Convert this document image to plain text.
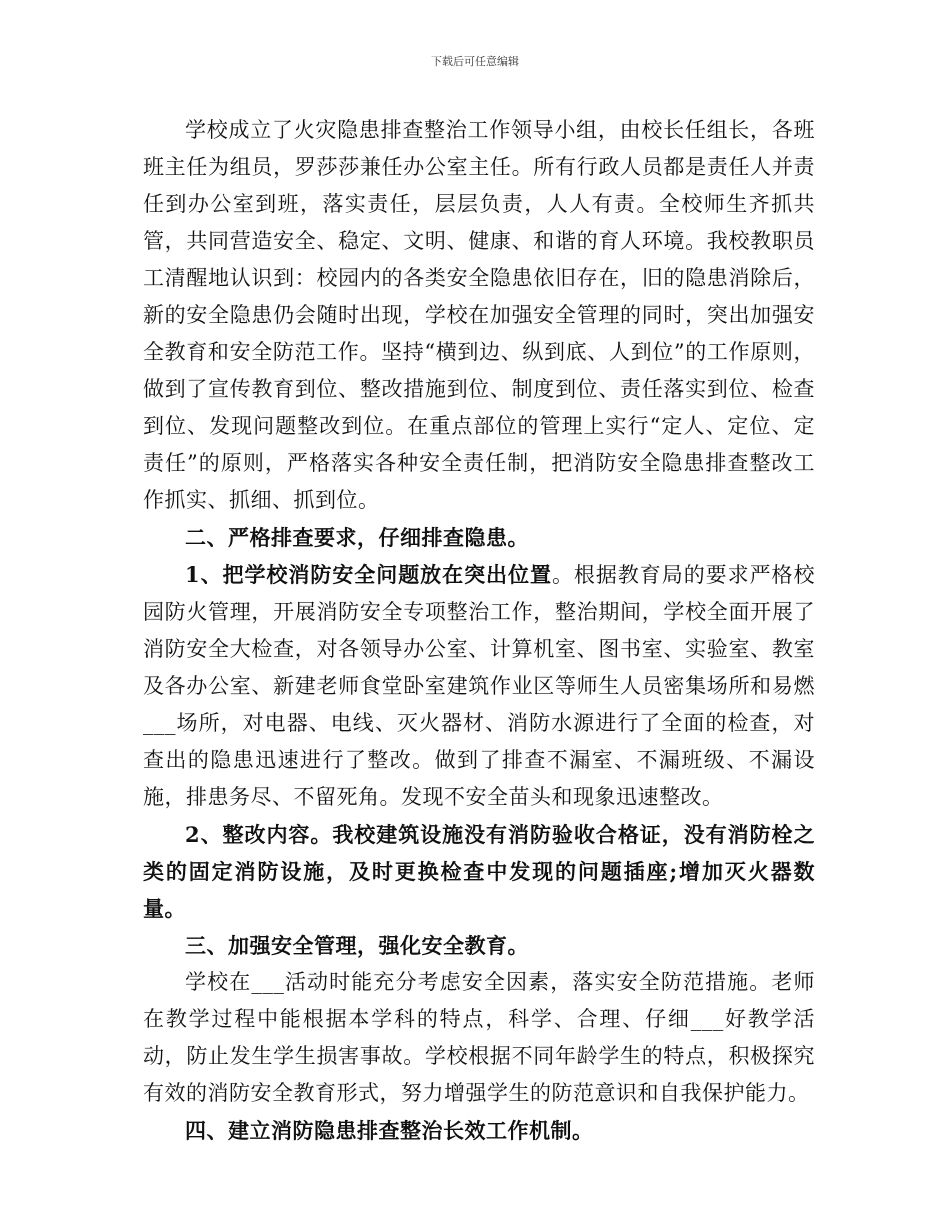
下载后可任意编辑

学校成立了火灾隐患排查整治工作领导小组，由校长任组长，各班班主任为组员，罗莎莎兼任办公室主任。所有行政人员都是责任人并责任到办公室到班，落实责任，层层负责，人人有责。全校师生齐抓共管，共同营造安全、稳定、文明、健康、和谐的育人环境。我校教职员工清醒地认识到：校园内的各类安全隐患依旧存在，旧的隐患消除后，新的安全隐患仍会随时出现，学校在加强安全管理的同时，突出加强安全教育和安全防范工作。坚持“横到边、纵到底、人到位”的工作原则，做到了宣传教育到位、整改措施到位、制度到位、责任落实到位、检查到位、发现问题整改到位。在重点部位的管理上实行“定人、定位、定责任”的原则，严格落实各种安全责任制，把消防安全隐患排查整改工作抓实、抓细、抓到位。

二、严格排查要求，仔细排查隐患。

1、把学校消防安全问题放在突出位置。根据教育局的要求严格校园防火管理，开展消防安全专项整治工作，整治期间，学校全面开展了消防安全大检查，对各领导办公室、计算机室、图书室、实验室、教室及各办公室、新建老师食堂卧室建筑作业区等师生人员密集场所和易燃___场所，对电器、电线、灭火器材、消防水源进行了全面的检查，对查出的隐患迅速进行了整改。做到了排查不漏室、不漏班级、不漏设施，排患务尽、不留死角。发现不安全苗头和现象迅速整改。

2、整改内容。我校建筑设施没有消防验收合格证，没有消防栓之类的固定消防设施，及时更换检查中发现的问题插座;增加灭火器数量。

三、加强安全管理，强化安全教育。

学校在___活动时能充分考虑安全因素，落实安全防范措施。老师在教学过程中能根据本学科的特点，科学、合理、仔细___好教学活动，防止发生学生损害事故。学校根据不同年龄学生的特点，积极探究有效的消防安全教育形式，努力增强学生的防范意识和自我保护能力。

四、建立消防隐患排查整治长效工作机制。
